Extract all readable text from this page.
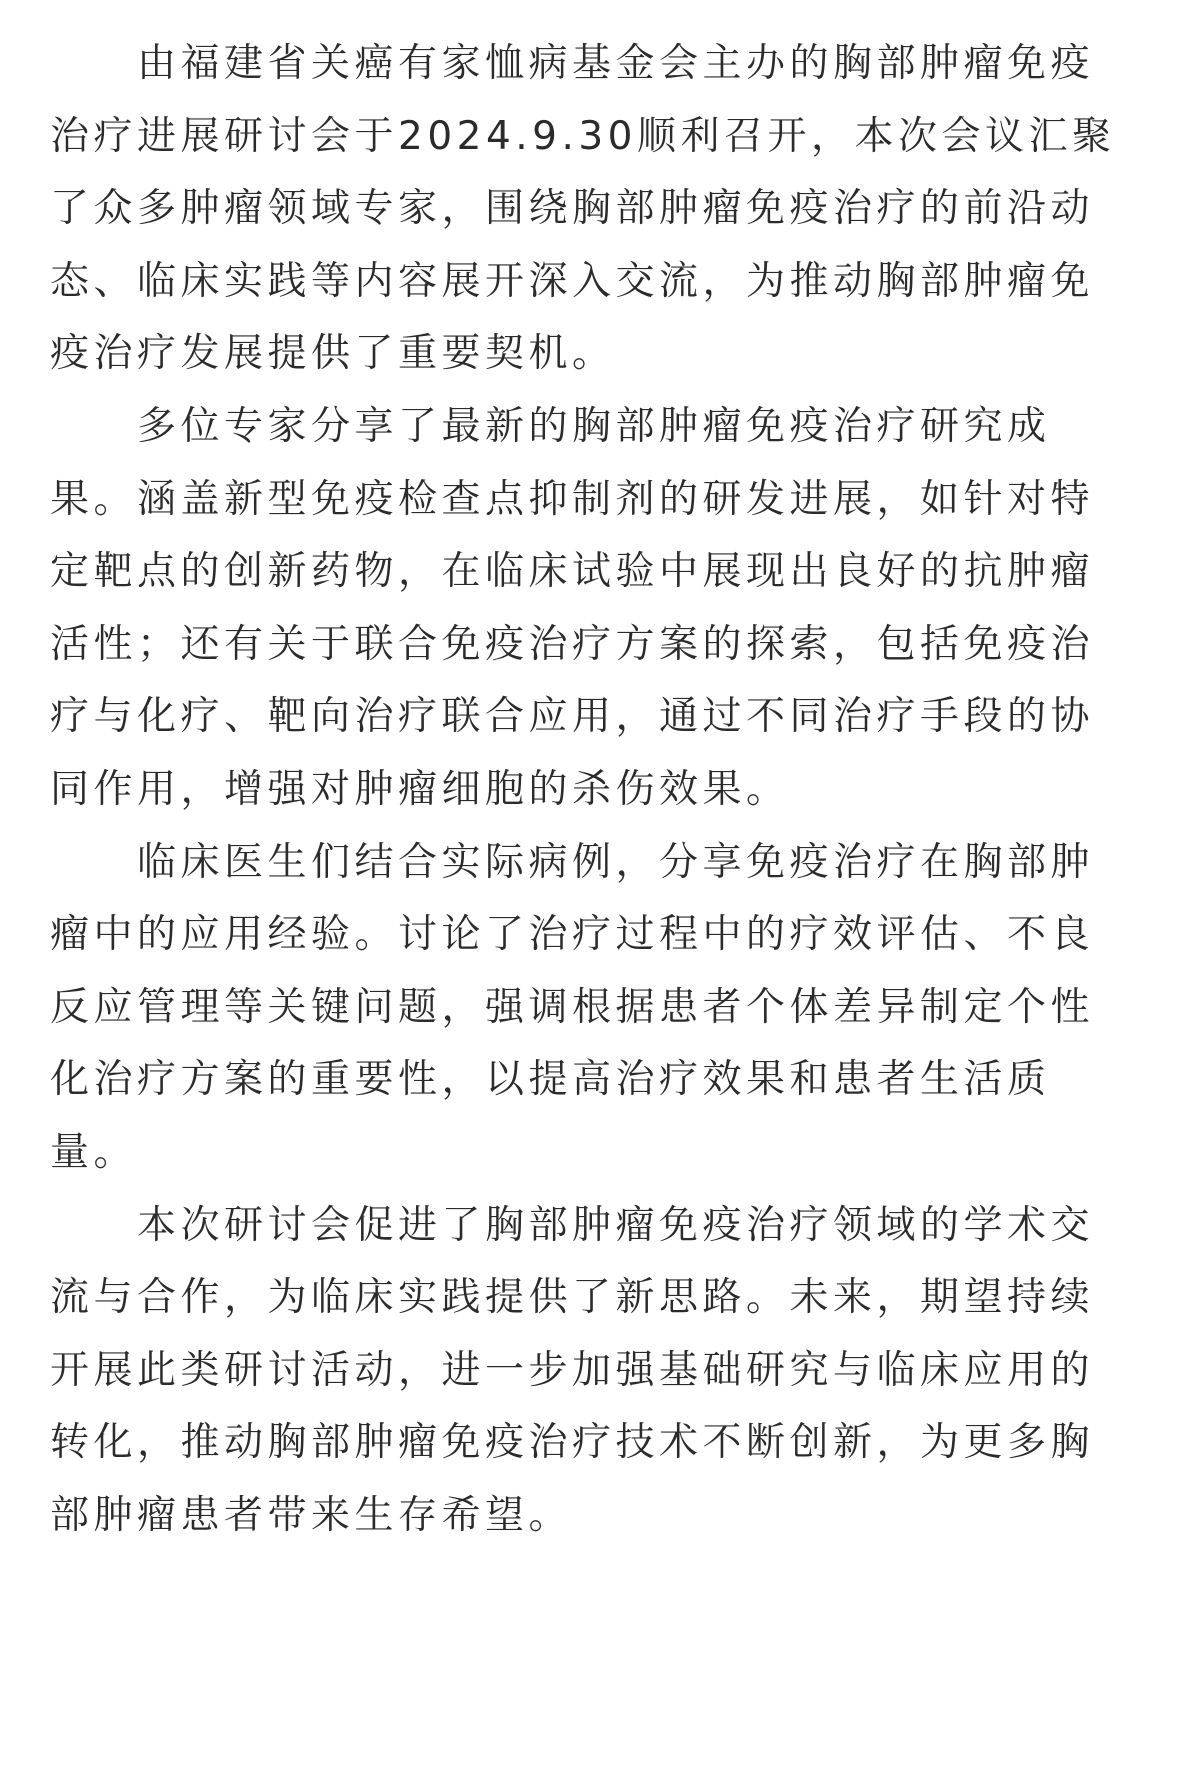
由福建省关癌有家恤病基金会主办的胸部肿瘤免疫
治疗进展研讨会于2024.9.30顺利召开，本次会议汇聚
了众多肿瘤领域专家，围绕胸部肿瘤免疫治疗的前沿动
态、临床实践等内容展开深入交流，为推动胸部肿瘤免
疫治疗发展提供了重要契机。

多位专家分享了最新的胸部肿瘤免疫治疗研究成
果。涵盖新型免疫检查点抑制剂的研发进展，如针对特
定靶点的创新药物，在临床试验中展现出良好的抗肿瘤
活性；还有关于联合免疫治疗方案的探索，包括免疫治
疗与化疗、靶向治疗联合应用，通过不同治疗手段的协
同作用，增强对肿瘤细胞的杀伤效果。

临床医生们结合实际病例，分享免疫治疗在胸部肿
瘤中的应用经验。讨论了治疗过程中的疗效评估、不良
反应管理等关键问题，强调根据患者个体差异制定个性
化治疗方案的重要性，以提高治疗效果和患者生活质
量。

本次研讨会促进了胸部肿瘤免疫治疗领域的学术交
流与合作，为临床实践提供了新思路。未来，期望持续
开展此类研讨活动，进一步加强基础研究与临床应用的
转化，推动胸部肿瘤免疫治疗技术不断创新，为更多胸
部肿瘤患者带来生存希望。
